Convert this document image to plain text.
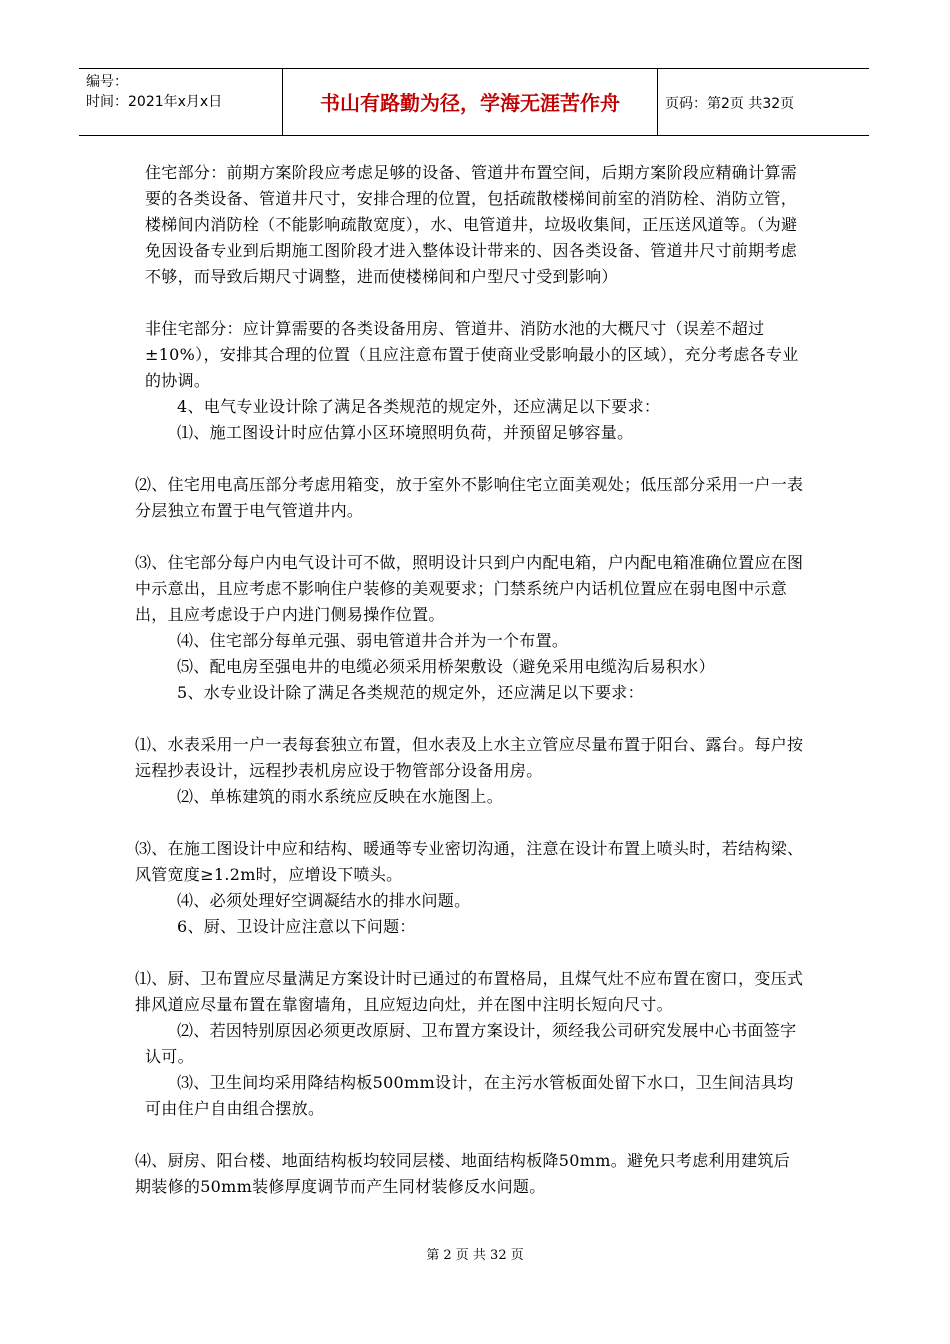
编号：
时间：2021年x月x日	书山有路勤为径，学海无涯苦作舟	页码：第2页 共32页

住宅部分：前期方案阶段应考虑足够的设备、管道井布置空间，后期方案阶段应精确计算需要的各类设备、管道井尺寸，安排合理的位置，包括疏散楼梯间前室的消防栓、消防立管，楼梯间内消防栓（不能影响疏散宽度），水、电管道井，垃圾收集间，正压送风道等。（为避免因设备专业到后期施工图阶段才进入整体设计带来的、因各类设备、管道井尺寸前期考虑不够，而导致后期尺寸调整，进而使楼梯间和户型尺寸受到影响）

非住宅部分：应计算需要的各类设备用房、管道井、消防水池的大概尺寸（误差不超过±10%），安排其合理的位置（且应注意布置于使商业受影响最小的区域），充分考虑各专业的协调。

4、电气专业设计除了满足各类规范的规定外，还应满足以下要求：

⑴、施工图设计时应估算小区环境照明负荷，并预留足够容量。

⑵、住宅用电高压部分考虑用箱变，放于室外不影响住宅立面美观处；低压部分采用一户一表分层独立布置于电气管道井内。

⑶、住宅部分每户内电气设计可不做，照明设计只到户内配电箱，户内配电箱准确位置应在图中示意出，且应考虑不影响住户装修的美观要求；门禁系统户内话机位置应在弱电图中示意出，且应考虑设于户内进门侧易操作位置。

⑷、住宅部分每单元强、弱电管道井合并为一个布置。

⑸、配电房至强电井的电缆必须采用桥架敷设（避免采用电缆沟后易积水）

5、水专业设计除了满足各类规范的规定外，还应满足以下要求：

⑴、水表采用一户一表每套独立布置，但水表及上水主立管应尽量布置于阳台、露台。每户按远程抄表设计，远程抄表机房应设于物管部分设备用房。

⑵、单栋建筑的雨水系统应反映在水施图上。

⑶、在施工图设计中应和结构、暖通等专业密切沟通，注意在设计布置上喷头时，若结构梁、风管宽度≥1.2m时，应增设下喷头。

⑷、必须处理好空调凝结水的排水问题。

6、厨、卫设计应注意以下问题：

⑴、厨、卫布置应尽量满足方案设计时已通过的布置格局，且煤气灶不应布置在窗口，变压式排风道应尽量布置在靠窗墙角，且应短边向灶，并在图中注明长短向尺寸。

⑵、若因特别原因必须更改原厨、卫布置方案设计，须经我公司研究发展中心书面签字认可。

⑶、卫生间均采用降结构板500mm设计，在主污水管板面处留下水口，卫生间洁具均可由住户自由组合摆放。

⑷、厨房、阳台楼、地面结构板均较同层楼、地面结构板降50mm。避免只考虑利用建筑后期装修的50mm装修厚度调节而产生同材装修反水问题。

第 2 页 共 32 页
